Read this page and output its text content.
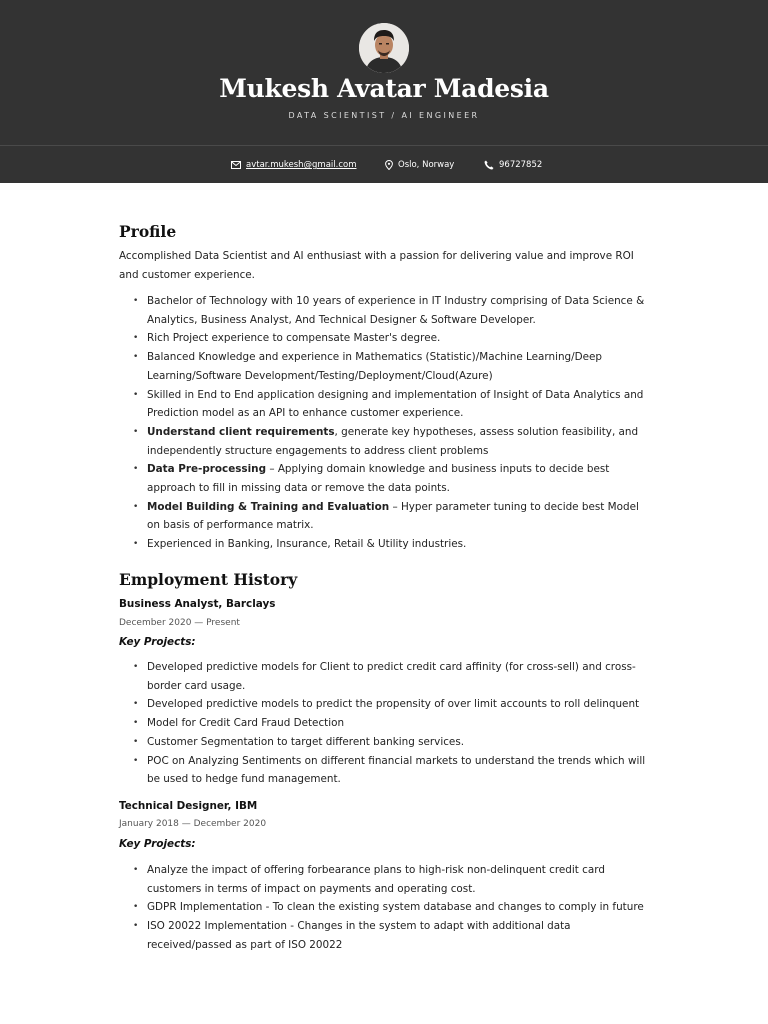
Mukesh Avatar Madesia
DATA SCIENTIST / AI ENGINEER
avtar.mukesh@gmail.com	Oslo, Norway	96727852
Profile
Accomplished Data Scientist and AI enthusiast with a passion for delivering value and improve ROI and customer experience.
• Bachelor of Technology with 10 years of experience in IT Industry comprising of Data Science & Analytics, Business Analyst, And Technical Designer & Software Developer.
• Rich Project experience to compensate Master's degree.
• Balanced Knowledge and experience in Mathematics (Statistic)/Machine Learning/Deep Learning/Software Development/Testing/Deployment/Cloud(Azure)
• Skilled in End to End application designing and implementation of Insight of Data Analytics and Prediction model as an API to enhance customer experience.
• Understand client requirements, generate key hypotheses, assess solution feasibility, and independently structure engagements to address client problems
• Data Pre-processing – Applying domain knowledge and business inputs to decide best approach to fill in missing data or remove the data points.
• Model Building & Training and Evaluation – Hyper parameter tuning to decide best Model on basis of performance matrix.
• Experienced in Banking, Insurance, Retail & Utility industries.
Employment History
Business Analyst, Barclays
December 2020 — Present
Key Projects:
• Developed predictive models for Client to predict credit card affinity (for cross-sell) and cross-border card usage.
• Developed predictive models to predict the propensity of over limit accounts to roll delinquent
• Model for Credit Card Fraud Detection
• Customer Segmentation to target different banking services.
• POC on Analyzing Sentiments on different financial markets to understand the trends which will be used to hedge fund management.
Technical Designer, IBM
January 2018 — December 2020
Key Projects:
• Analyze the impact of offering forbearance plans to high-risk non-delinquent credit card customers in terms of impact on payments and operating cost.
• GDPR Implementation - To clean the existing system database and changes to comply in future
• ISO 20022 Implementation - Changes in the system to adapt with additional data received/passed as part of ISO 20022
